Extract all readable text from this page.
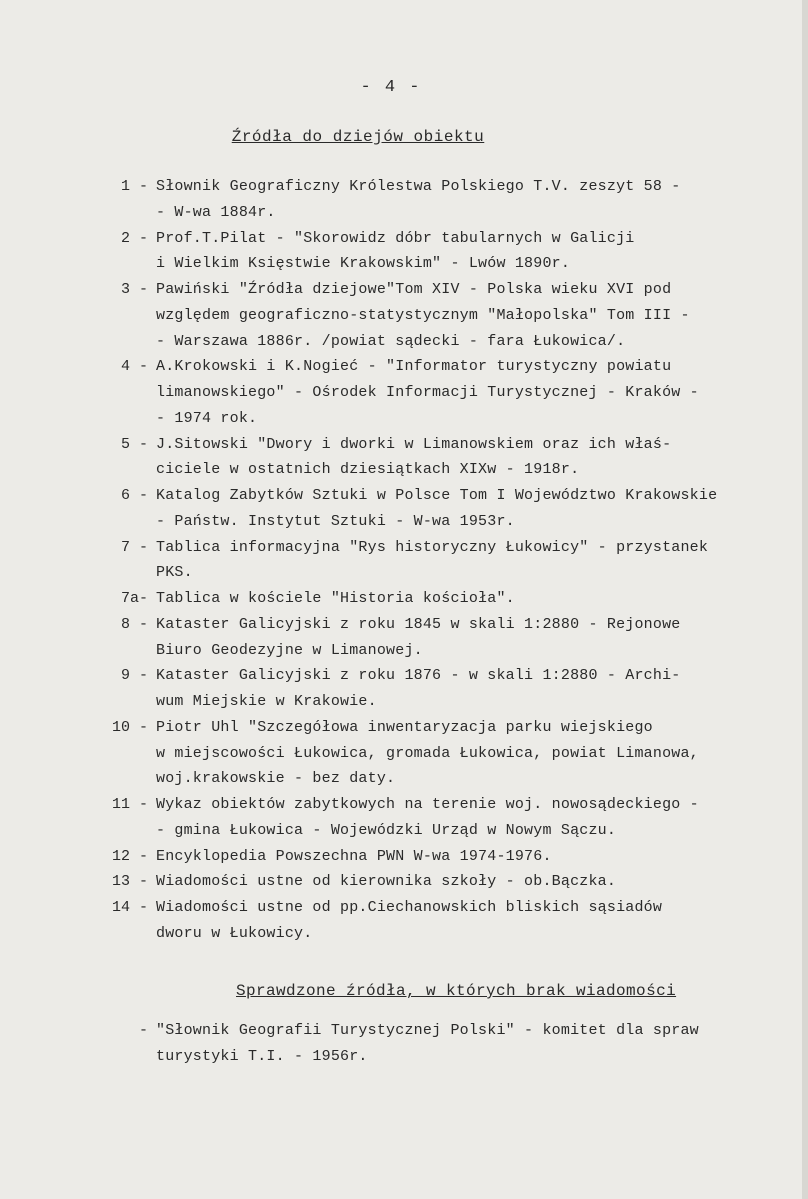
- 4 -
Źródła do dziejów obiektu
1 - Słownik Geograficzny Królestwa Polskiego T.V. zeszyt 58 -
- W-wa 1884r.
2 - Prof.T.Pilat - "Skorowidz dóbr tabularnych w Galicji
i Wielkim Księstwie Krakowskim" - Lwów 1890r.
3 - Pawiński "Źródła dziejowe"Tom XIV - Polska wieku XVI pod
względem geograficzno-statystycznym "Małopolska" Tom III -
- Warszawa 1886r. /powiat sądecki - fara Łukowica/.
4 - A.Krokowski i K.Nogieć - "Informator turystyczny powiatu
limanowskiego" - Ośrodek Informacji Turystycznej - Kraków -
- 1974 rok.
5 - J.Sitowski "Dwory i dworki w Limanowskiem oraz ich właś-
ciciele w ostatnich dziesiątkach XIXw - 1918r.
6 - Katalog Zabytków Sztuki w Polsce Tom I Województwo Krakowskie
- Państw. Instytut Sztuki - W-wa 1953r.
7 - Tablica informacyjna "Rys historyczny Łukowicy" - przystanek
PKS.
7a- Tablica w kościele "Historia kościoła".
8 - Kataster Galicyjski z roku 1845 w skali 1:2880 - Rejonowe
Biuro Geodezyjne w Limanowej.
9 - Kataster Galicyjski z roku 1876 - w skali 1:2880 - Archi-
wum Miejskie w Krakowie.
10 - Piotr Uhl "Szczegółowa inwentaryzacja parku wiejskiego
w miejscowości Łukowica, gromada Łukowica, powiat Limanowa,
woj.krakowskie - bez daty.
11 - Wykaz obiektów zabytkowych na terenie woj. nowosądeckiego -
- gmina Łukowica - Wojewódzki Urząd w Nowym Sączu.
12 - Encyklopedia Powszechna PWN W-wa 1974-1976.
13 - Wiadomości ustne od kierownika szkoły - ob.Bączka.
14 - Wiadomości ustne od pp.Ciechanowskich bliskich sąsiadów
dworu w Łukowicy.
Sprawdzone źródła, w których brak wiadomości
- "Słownik Geografii Turystycznej Polski" - komitet dla spraw
turystyki T.I. - 1956r.
